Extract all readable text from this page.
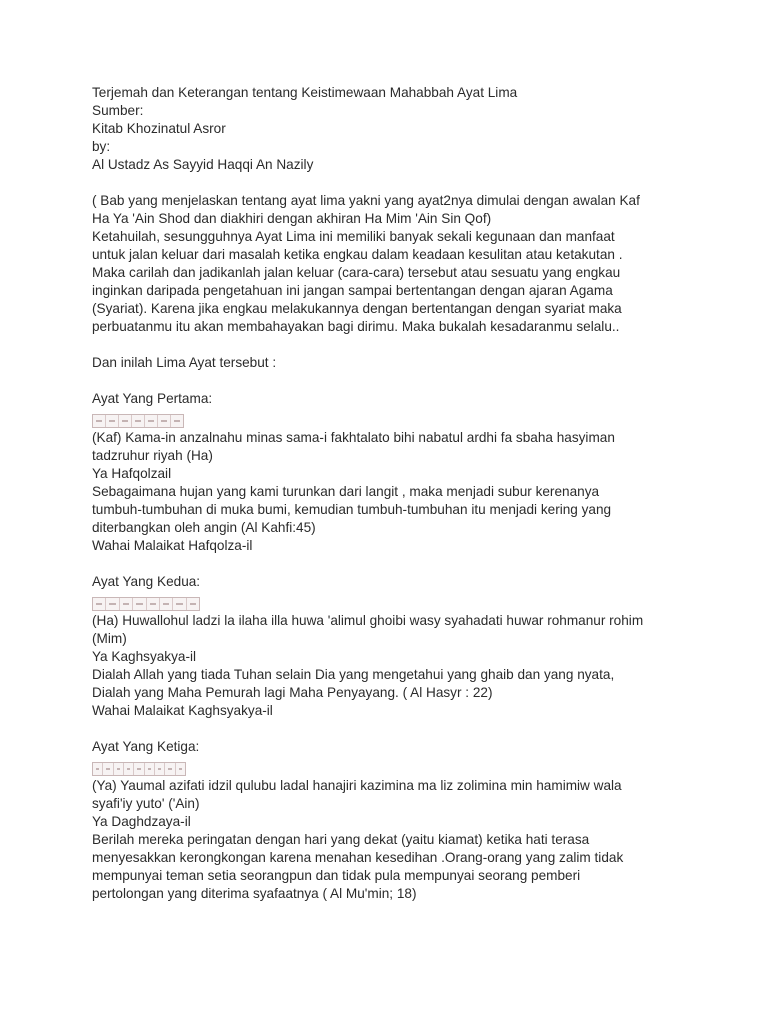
Terjemah dan Keterangan tentang Keistimewaan Mahabbah Ayat Lima
Sumber:
Kitab Khozinatul Asror
by:
Al Ustadz As Sayyid Haqqi An Nazily
( Bab yang menjelaskan tentang ayat lima yakni yang ayat2nya dimulai dengan awalan Kaf
Ha Ya 'Ain Shod dan diakhiri dengan akhiran Ha Mim 'Ain Sin Qof)
Ketahuilah, sesungguhnya Ayat Lima ini memiliki banyak sekali kegunaan dan manfaat
untuk jalan keluar dari masalah ketika engkau dalam keadaan kesulitan atau ketakutan .
Maka carilah dan jadikanlah jalan keluar (cara-cara) tersebut atau sesuatu yang engkau
inginkan daripada pengetahuan ini jangan sampai bertentangan dengan ajaran Agama
(Syariat). Karena jika engkau melakukannya dengan bertentangan dengan syariat maka
perbuatanmu itu akan membahayakan bagi dirimu. Maka bukalah kesadaranmu selalu..
Dan inilah Lima Ayat tersebut :
Ayat Yang Pertama:
(Kaf) Kama-in anzalnahu minas sama-i fakhtalato bihi nabatul ardhi fa sbaha hasyiman
tadzruhur riyah (Ha)
Ya Hafqolzail
Sebagaimana hujan yang kami turunkan dari langit , maka menjadi subur kerenanya
tumbuh-tumbuhan di muka bumi, kemudian tumbuh-tumbuhan itu menjadi kering yang
diterbangkan oleh angin (Al Kahfi:45)
Wahai Malaikat Hafqolza-il
Ayat Yang Kedua:
(Ha) Huwallohul ladzi la ilaha illa huwa 'alimul ghoibi wasy syahadati huwar rohmanur rohim
(Mim)
Ya Kaghsyakya-il
Dialah Allah yang tiada Tuhan selain Dia yang mengetahui yang ghaib dan yang nyata,
Dialah yang Maha Pemurah lagi Maha Penyayang. ( Al Hasyr : 22)
Wahai Malaikat Kaghsyakya-il
Ayat Yang Ketiga:
(Ya) Yaumal azifati idzil qulubu ladal hanajiri kazimina ma liz zolimina min hamimiw wala
syafi'iy yuto' ('Ain)
Ya Daghdzaya-il
Berilah mereka peringatan dengan hari yang dekat (yaitu kiamat) ketika hati terasa
menyesakkan kerongkongan karena menahan kesedihan .Orang-orang yang zalim tidak
mempunyai teman setia seorangpun dan tidak pula mempunyai seorang pemberi
pertolongan yang diterima syafaatnya ( Al Mu'min; 18)
